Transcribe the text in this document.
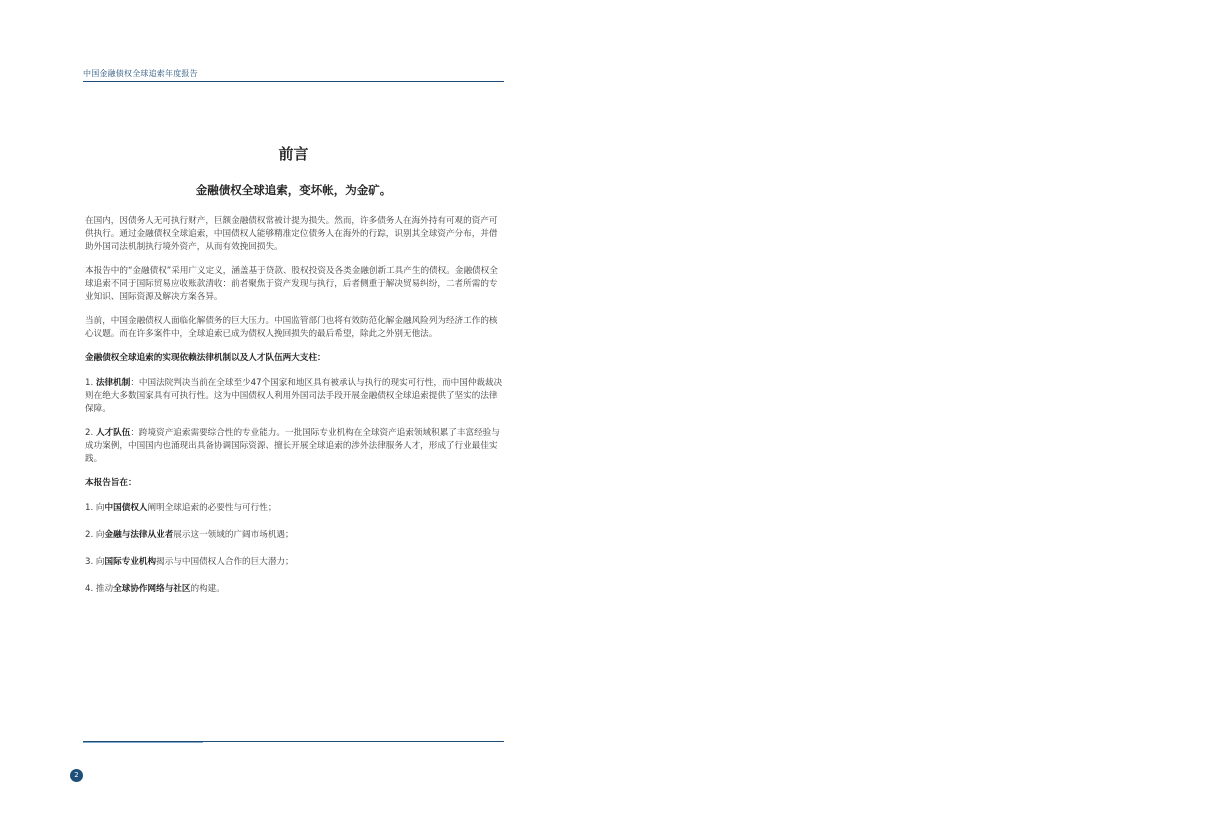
中国金融债权全球追索年度报告
前言
金融债权全球追索，变坏帐，为金矿。

在国内，因债务人无可执行财产，巨额金融债权常被计提为损失。然而，许多债务人在海外持有可观的资产可供执行。通过金融债权全球追索，中国债权人能够精准定位债务人在海外的行踪，识别其全球资产分布，并借助外国司法机制执行境外资产，从而有效挽回损失。

本报告中的“金融债权”采用广义定义，涵盖基于贷款、股权投资及各类金融创新工具产生的债权。金融债权全球追索不同于国际贸易应收账款清收：前者聚焦于资产发现与执行，后者侧重于解决贸易纠纷，二者所需的专业知识、国际资源及解决方案各异。

当前，中国金融债权人面临化解债务的巨大压力。中国监管部门也将有效防范化解金融风险列为经济工作的核心议题。而在许多案件中，全球追索已成为债权人挽回损失的最后希望，除此之外别无他法。

金融债权全球追索的实现依赖法律机制以及人才队伍两大支柱：

1. 法律机制：中国法院判决当前在全球至少47个国家和地区具有被承认与执行的现实可行性，而中国仲裁裁决则在绝大多数国家具有可执行性。这为中国债权人利用外国司法手段开展金融债权全球追索提供了坚实的法律保障。

2. 人才队伍：跨境资产追索需要综合性的专业能力。一批国际专业机构在全球资产追索领域积累了丰富经验与成功案例，中国国内也涌现出具备协调国际资源、擅长开展全球追索的涉外法律服务人才，形成了行业最佳实践。

本报告旨在：

1. 向中国债权人阐明全球追索的必要性与可行性；

2. 向金融与法律从业者展示这一领域的广阔市场机遇；

3. 向国际专业机构揭示与中国债权人合作的巨大潜力；

4. 推动全球协作网络与社区的构建。

2
